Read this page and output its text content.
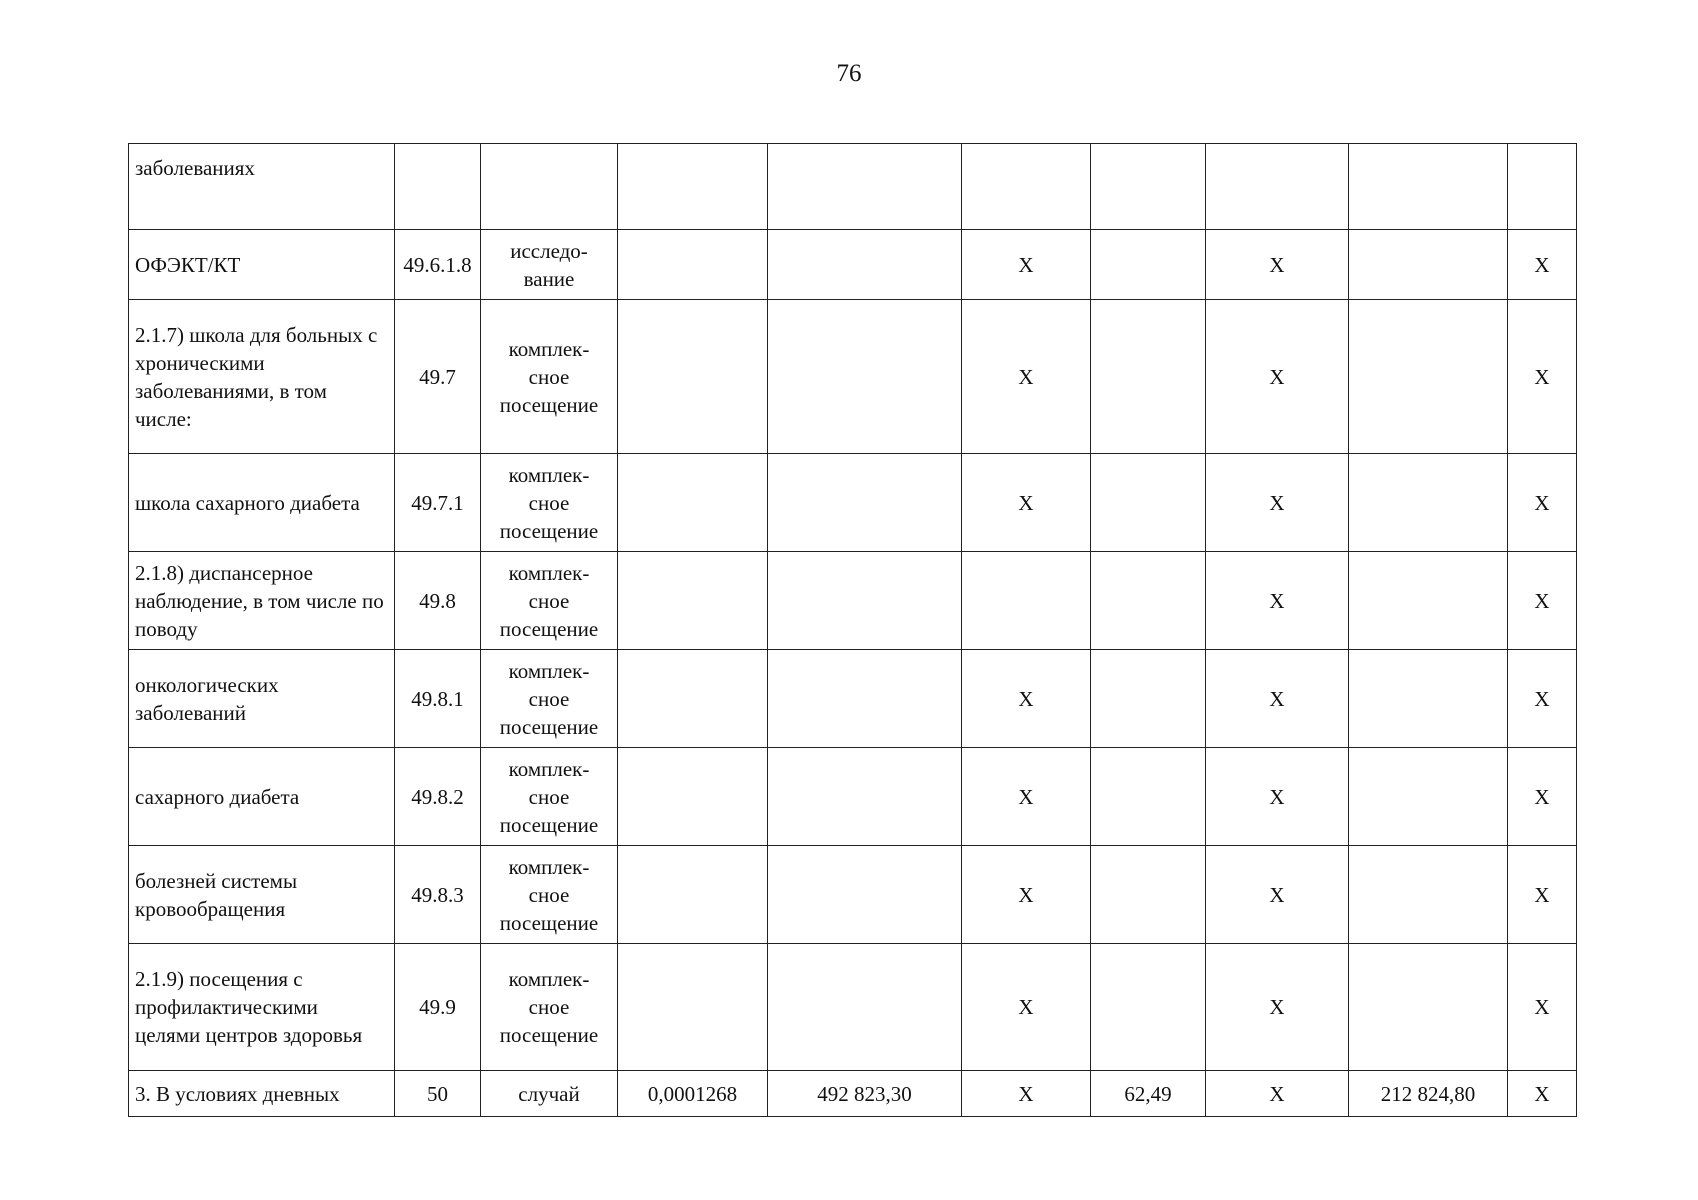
76
заболеваниях									
ОФЭКТ/КТ	49.6.1.8	исследо-
вание			X		X		X
2.1.7) школа для больных с хроническими заболеваниями, в том числе:	49.7	комплек-
сное
посещение			X		X		X
школа сахарного диабета	49.7.1	комплек-
сное
посещение			X		X		X
2.1.8) диспансерное наблюдение, в том числе по поводу	49.8	комплек-
сное
посещение					X		X
онкологических заболеваний	49.8.1	комплек-
сное
посещение			X		X		X
сахарного диабета	49.8.2	комплек-
сное
посещение			X		X		X
болезней системы кровообращения	49.8.3	комплек-
сное
посещение			X		X		X
2.1.9) посещения с профилактическими целями центров здоровья	49.9	комплек-
сное
посещение			X		X		X
3. В условиях дневных	50	случай	0,0001268	492 823,30	X	62,49	X	212 824,80	X
